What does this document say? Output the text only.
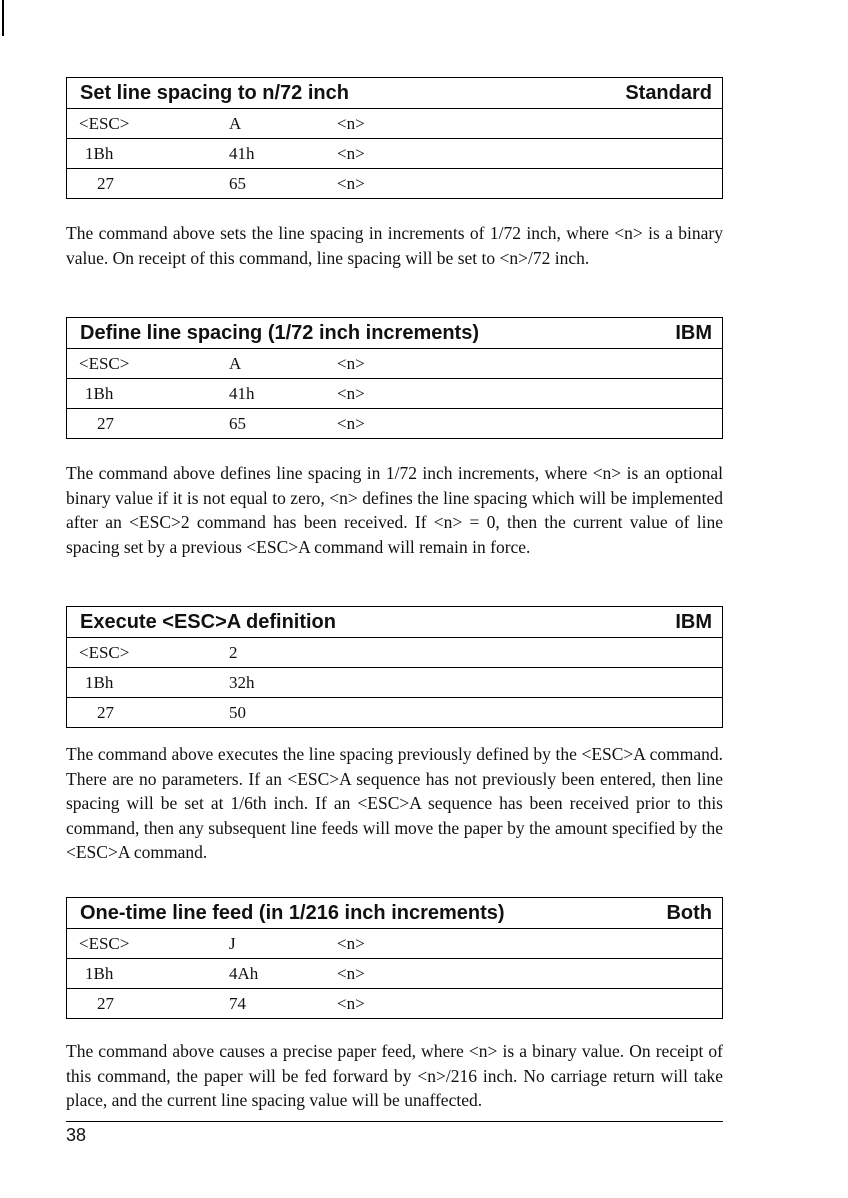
Set line spacing to n/72 inch	Standard
<ESC>	A	<n>
1Bh	41h	<n>
27	65	<n>

The command above sets the line spacing in increments of 1/72 inch, where <n> is a binary value. On receipt of this command, line spacing will be set to <n>/72 inch.

Define line spacing (1/72 inch increments)	IBM
<ESC>	A	<n>
1Bh	41h	<n>
27	65	<n>

The command above defines line spacing in 1/72 inch increments, where <n> is an optional binary value if it is not equal to zero, <n> defines the line spacing which will be implemented after an <ESC>2 command has been received. If <n> = 0, then the current value of line spacing set by a previous <ESC>A command will remain in force.

Execute <ESC>A definition	IBM
<ESC>	2
1Bh	32h
27	50

The command above executes the line spacing previously defined by the <ESC>A command. There are no parameters. If an <ESC>A sequence has not previously been entered, then line spacing will be set at 1/6th inch. If an <ESC>A sequence has been received prior to this command, then any subsequent line feeds will move the paper by the amount specified by the <ESC>A command.

One-time line feed (in 1/216 inch increments)	Both
<ESC>	J	<n>
1Bh	4Ah	<n>
27	74	<n>

The command above causes a precise paper feed, where <n> is a binary value. On receipt of this command, the paper will be fed forward by <n>/216 inch. No carriage return will take place, and the current line spacing value will be unaffected.

38
